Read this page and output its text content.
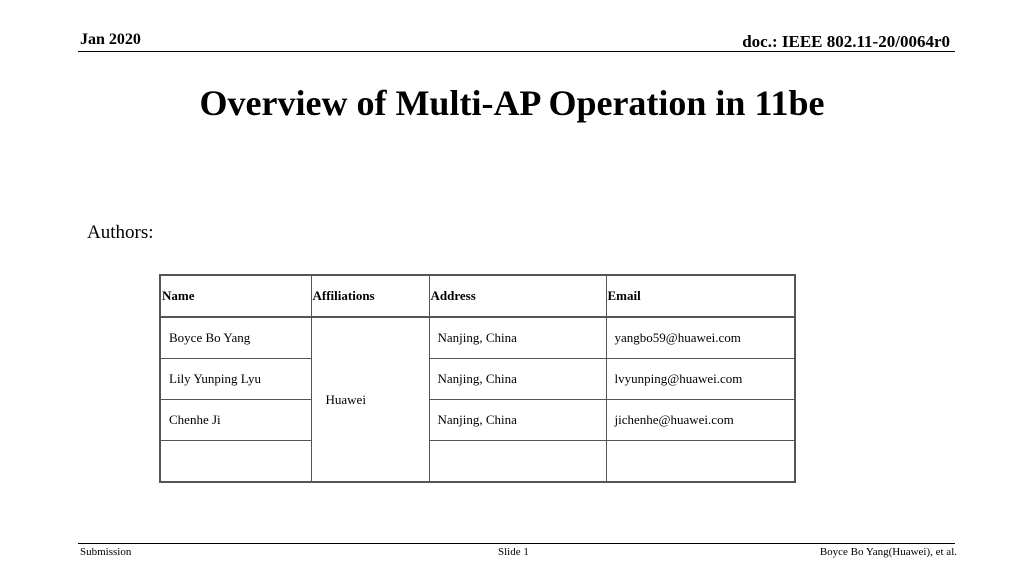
Jan 2020	doc.: IEEE 802.11-20/0064r0
Overview of Multi-AP Operation in 11be
Authors:
Name	Affiliations	Address	Email
Boyce Bo Yang	Huawei	Nanjing, China	yangbo59@huawei.com
Lily Yunping Lyu		Nanjing, China	lvyunping@huawei.com
Chenhe Ji		Nanjing, China	jichenhe@huawei.com

Submission	Slide 1	Boyce Bo Yang(Huawei), et al.
